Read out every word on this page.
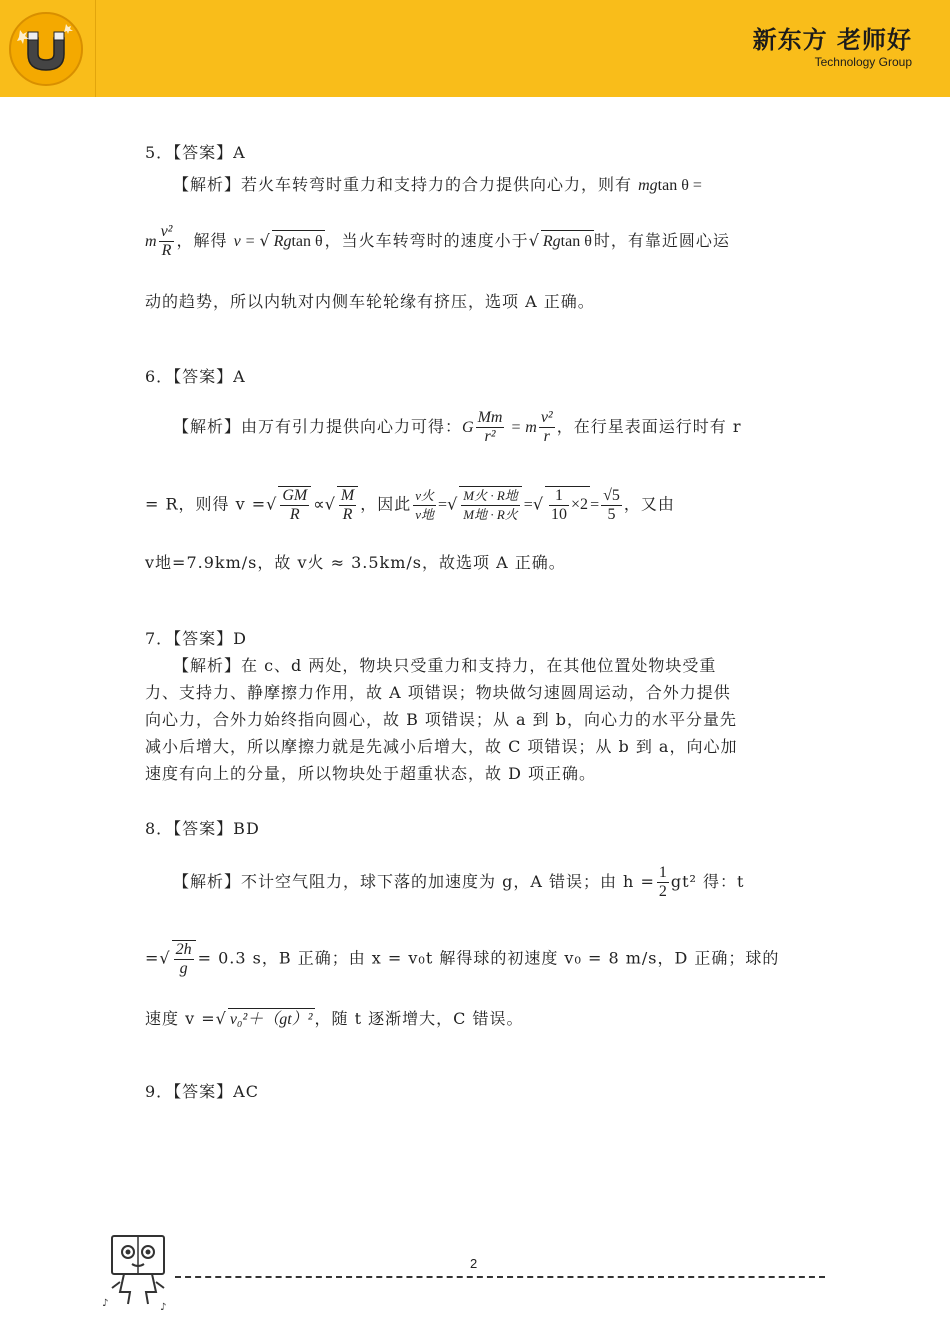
新东方 老师好
Technology Group
5．【答案】A
【解析】若火车转弯时重力和支持力的合力提供向心力，则有 mgtan θ =
m $\frac{\text{v²}}{R}$ ，解得 v = √ Rgtan θ ，当火车转弯时的速度小于√ Rgtan θ 时，有靠近圆心运
动的趋势，所以内轨对内侧车轮轮缘有挤压，选项 A 正确。
6．【答案】A
【解析】由万有引力提供向心力可得：G $\frac{Mm}{\text{r²}} = m \frac{\text{v²}}{r}$ ，在行星表面运行时有 r
= R，则得 v =√ $\frac{GM}{R}$ ∝√ $\frac{M}{R}$ ，因此 $\frac{\text{v火}}{\text{v地}}$ =√ $\frac{\text{M火 · R地}}{\text{M地 · R火}}$ =√ $\frac{1}{10} \times 2 = \frac{√5}{5}$ ，又由
v地=7.9km/s，故 v火 ≈ 3.5km/s，故选项 A 正确。
7．【答案】D
【解析】在 c、d 两处，物块只受重力和支持力，在其他位置处物块受重
力、支持力、静摩擦力作用，故 A 项错误；物块做匀速圆周运动，合外力提供
向心力，合外力始终指向圆心，故 B 项错误；从 a 到 b，向心力的水平分量先
减小后增大，所以摩擦力就是先减小后增大，故 C 项错误；从 b 到 a，向心加
速度有向上的分量，所以物块处于超重状态，故 D 项正确。
8．【答案】BD
【解析】不计空气阻力，球下落的加速度为 g，A 错误；由 $h = \frac{1}{2} gt^2$ 得：t
=√ $\frac{2h}{g} = 0.3$ s，B 正确；由 x = v₀t 解得球的初速度 v₀ = 8 m/s，D 正确；球的
速度 v =√ v₀²＋（gt）² ，随 t 逐渐增大，C 错误。
9．【答案】AC
♪	♪
2
